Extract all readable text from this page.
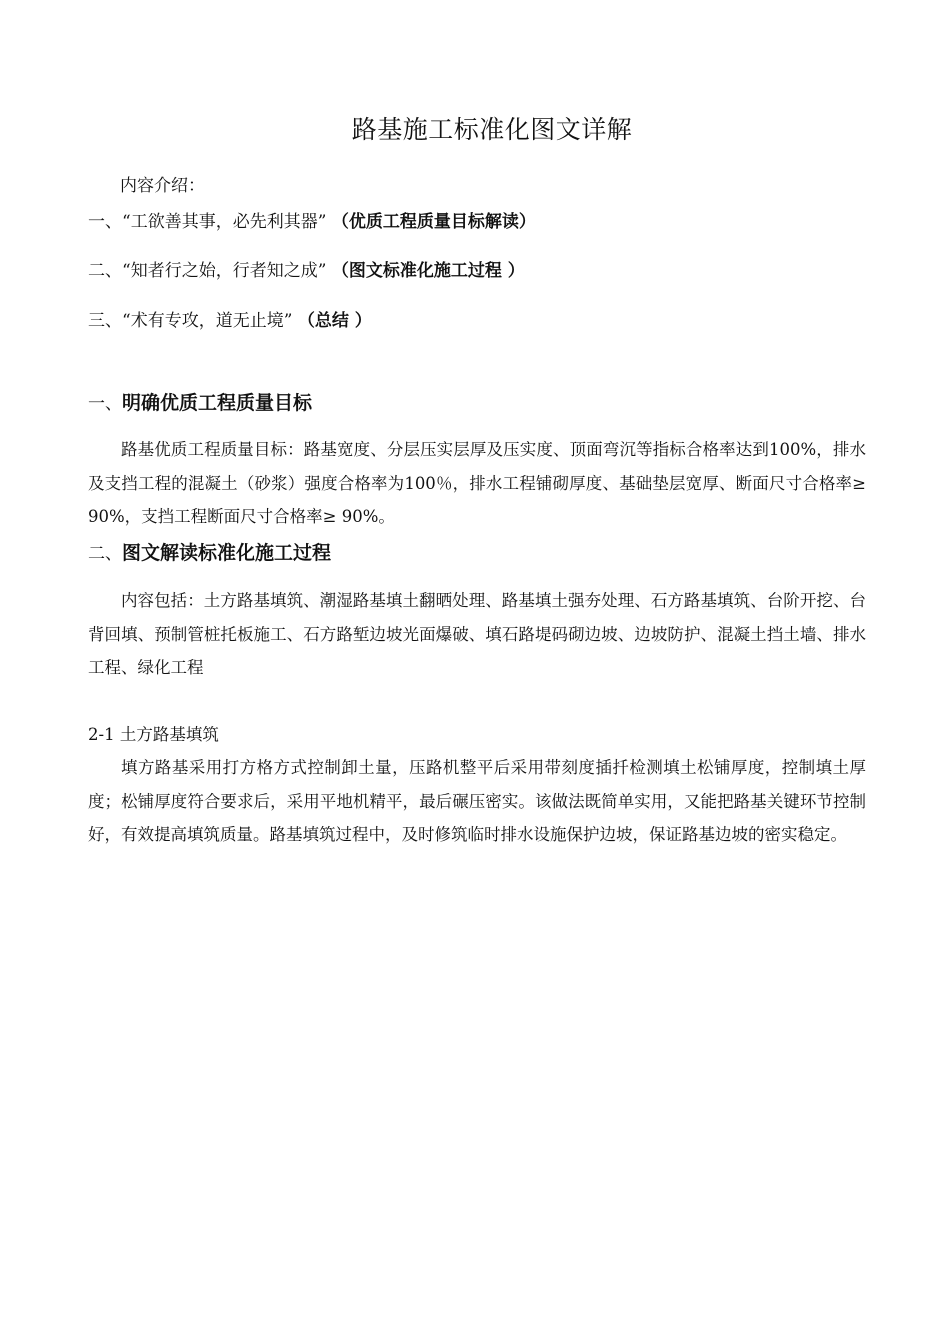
路基施工标准化图文详解
内容介绍：
一、“工欲善其事，必先利其器” （优质工程质量目标解读）
二、“知者行之始，行者知之成” （图文标准化施工过程 ）
三、“术有专攻，道无止境” （总结 ）
一、明确优质工程质量目标
路基优质工程质量目标：路基宽度、分层压实层厚及压实度、顶面弯沉等指标合格率达到100%，排水及支挡工程的混凝土（砂浆）强度合格率为100％，排水工程铺砌厚度、基础垫层宽厚、断面尺寸合格率≥ 90%，支挡工程断面尺寸合格率≥ 90%。
二、图文解读标准化施工过程
内容包括：土方路基填筑、潮湿路基填土翻晒处理、路基填土强夯处理、石方路基填筑、台阶开挖、台背回填、预制管桩托板施工、石方路堑边坡光面爆破、填石路堤码砌边坡、边坡防护、混凝土挡土墙、排水工程、绿化工程
2-1 土方路基填筑
填方路基采用打方格方式控制卸土量，压路机整平后采用带刻度插扦检测填土松铺厚度，控制填土厚度；松铺厚度符合要求后，采用平地机精平，最后碾压密实。该做法既简单实用，又能把路基关键环节控制好，有效提高填筑质量。路基填筑过程中，及时修筑临时排水设施保护边坡，保证路基边坡的密实稳定。
